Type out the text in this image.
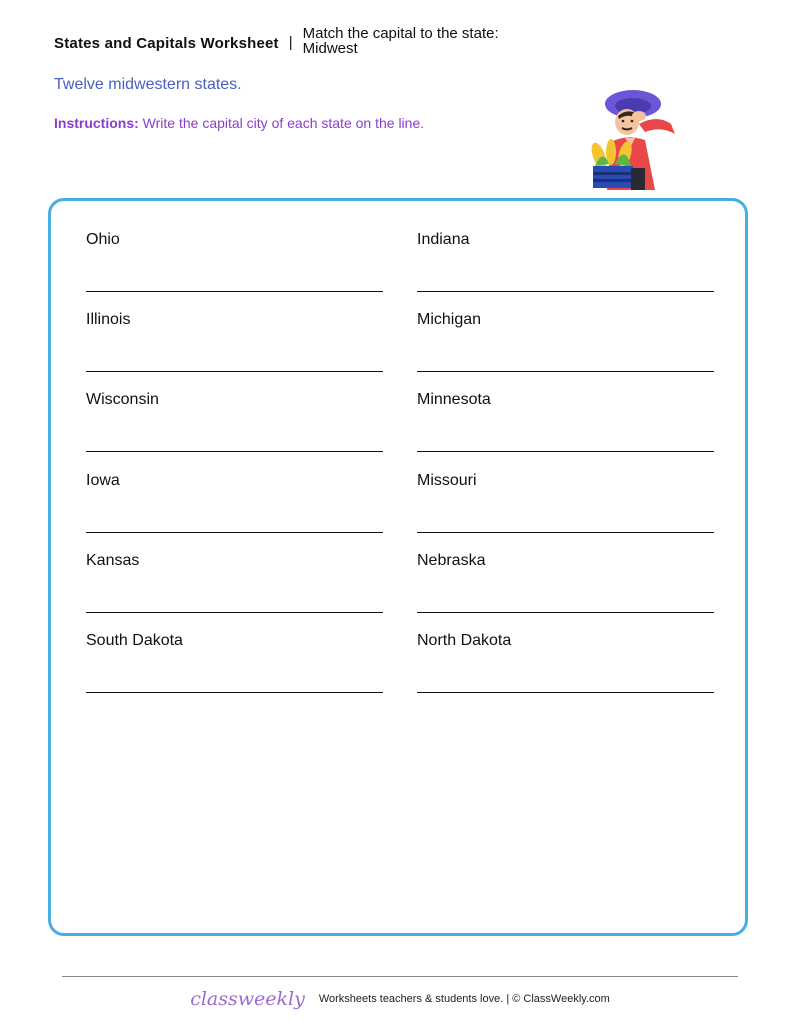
States and Capitals Worksheet |
Match the capital to the state:
Midwest
Twelve midwestern states.
Instructions: Write the capital city of each state on the line.
Ohio	Indiana
Illinois	Michigan
Wisconsin	Minnesota
Iowa	Missouri
Kansas	Nebraska
South Dakota	North Dakota
classweekly Worksheets teachers & students love. | © ClassWeekly.com
